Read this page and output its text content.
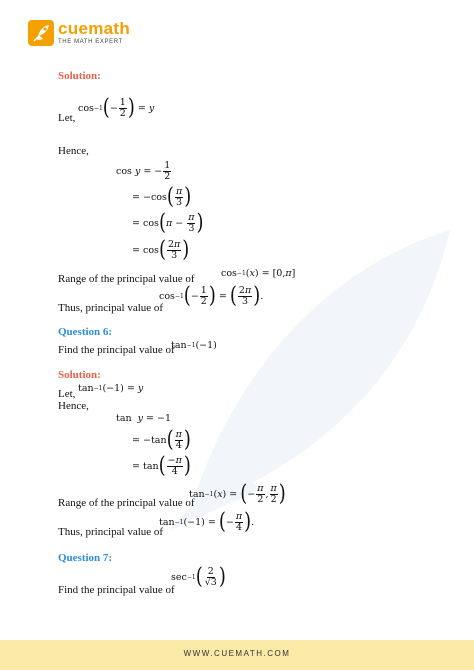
cuemath
THE MATH EXPERT
Solution:
Let,
cos −1 ( − $\frac{1}{2}$ ) = y
Hence,
cos y = − $\frac{1}{2}$
= −cos ( $\frac{\pi}{3}$ )
= cos ( $\pi - \frac{\pi}{3}$ )
= cos ( $\frac{2\pi}{3}$ )
Range of the principal value of	cos −1 ( x ) = [0, π ]
Thus, principal value of
cos −1 ( − $\frac{1}{2}$ ) = ( $\frac{2\pi}{3}$ ) .
Question 6:
Find the principal value of
tan −1 (−1)
Solution:
Let, tan −1 (−1) = y
Hence,
tan y = −1
= −tan ( $\frac{\pi}{4}$ )
= tan ( $\frac{-\pi}{4}$ )
Range of the principal value of
tan −1 ( x ) = ( − $\frac{\pi}{2}$ , $\frac{\pi}{2}$ )
Thus, principal value of
tan −1 (−1) = ( − $\frac{\pi}{4}$ ) .
Question 7:
Find the principal value of
sec −1 ( $\frac{2}{√3}$ )
WWW.CUEMATH.COM
